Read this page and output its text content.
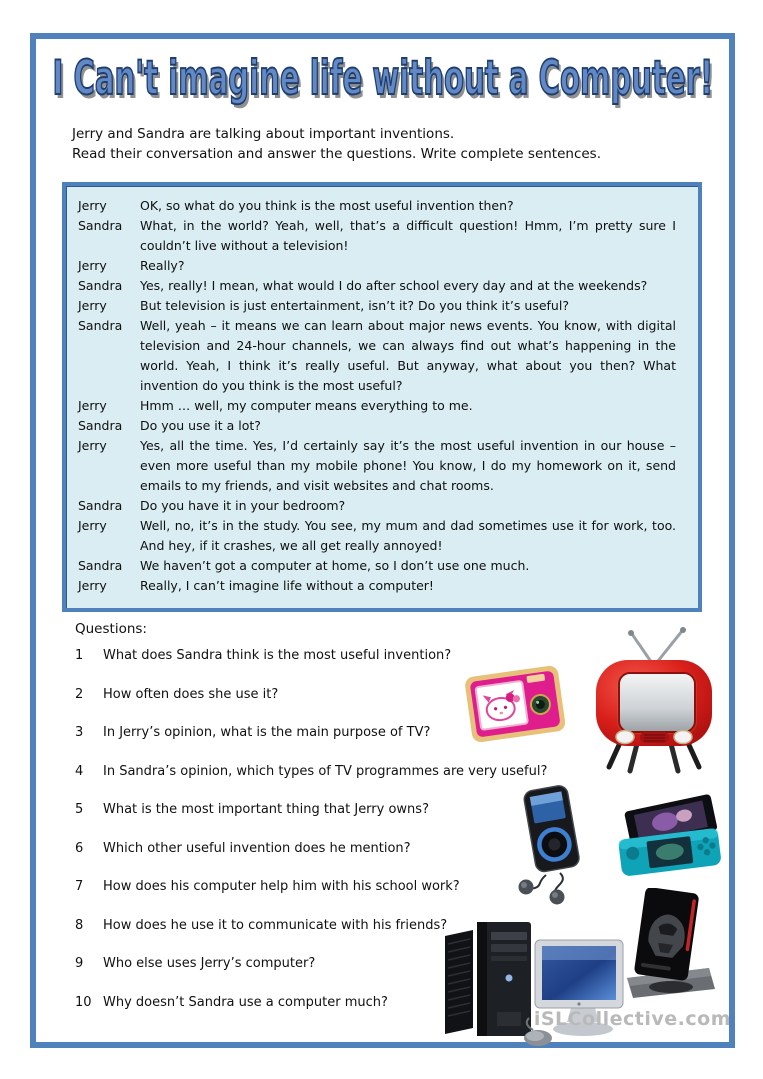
I Can't imagine life without a Computer!
Jerry and Sandra are talking about important inventions.
Read their conversation and answer the questions. Write complete sentences.
Jerry	OK, so what do you think is the most useful invention then?
Sandra	What, in the world? Yeah, well, that’s a difficult question! Hmm, I’m pretty sure I couldn’t live without a television!
Jerry	Really?
Sandra	Yes, really! I mean, what would I do after school every day and at the weekends?
Jerry	But television is just entertainment, isn’t it? Do you think it’s useful?
Sandra	Well, yeah – it means we can learn about major news events. You know, with digital television and 24-hour channels, we can always find out what’s happening in the world. Yeah, I think it’s really useful. But anyway, what about you then? What invention do you think is the most useful?
Jerry	Hmm … well, my computer means everything to me.
Sandra	Do you use it a lot?
Jerry	Yes, all the time. Yes, I’d certainly say it’s the most useful invention in our house – even more useful than my mobile phone! You know, I do my homework on it, send emails to my friends, and visit websites and chat rooms.
Sandra	Do you have it in your bedroom?
Jerry	Well, no, it’s in the study. You see, my mum and dad sometimes use it for work, too. And hey, if it crashes, we all get really annoyed!
Sandra	We haven’t got a computer at home, so I don’t use one much.
Jerry	Really, I can’t imagine life without a computer!
Questions:
1	What does Sandra think is the most useful invention?
2	How often does she use it?
3	In Jerry’s opinion, what is the main purpose of TV?
4	In Sandra’s opinion, which types of TV programmes are very useful?
5	What is the most important thing that Jerry owns?
6	Which other useful invention does he mention?
7	How does his computer help him with his school work?
8	How does he use it to communicate with his friends?
9	Who else uses Jerry’s computer?
10 Why doesn’t Sandra use a computer much?
iSLCollective.com
